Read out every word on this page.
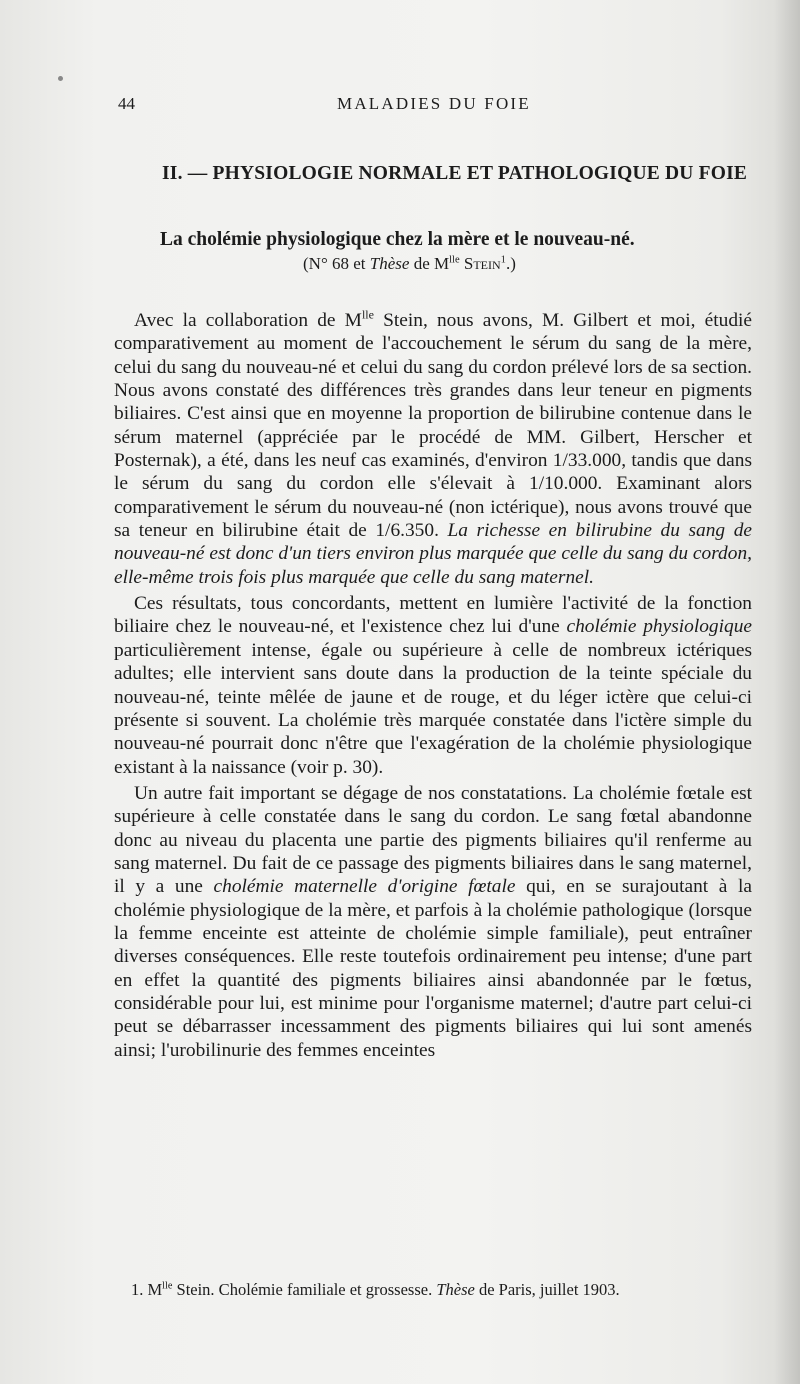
44	MALADIES DU FOIE
II. — PHYSIOLOGIE NORMALE ET PATHOLOGIQUE DU FOIE
La cholémie physiologique chez la mère et le nouveau-né.
(N° 68 et Thèse de $M^{lle}$ Stein$^1$.)

Avec la collaboration de $M^{lle}$ Stein, nous avons, M. Gilbert et moi, étudié comparativement au moment de l'accouchement le sérum du sang de la mère, celui du sang du nouveau-né et celui du sang du cordon prélevé lors de sa section. Nous avons constaté des différences très grandes dans leur teneur en pigments biliaires. C'est ainsi que en moyenne la proportion de bilirubine contenue dans le sérum maternel (appréciée par le procédé de MM. Gilbert, Herscher et Posternak), a été, dans les neuf cas examinés, d'environ 1/33.000, tandis que dans le sérum du sang du cordon elle s'élevait à 1/10.000. Examinant alors comparativement le sérum du nouveau-né (non ictérique), nous avons trouvé que sa teneur en bilirubine était de 1/6.350. La richesse en bilirubine du sang de nouveau-né est donc d'un tiers environ plus marquée que celle du sang du cordon, elle-même trois fois plus marquée que celle du sang maternel.

Ces résultats, tous concordants, mettent en lumière l'activité de la fonction biliaire chez le nouveau-né, et l'existence chez lui d'une cholémie physiologique particulièrement intense, égale ou supérieure à celle de nombreux ictériques adultes; elle intervient sans doute dans la production de la teinte spéciale du nouveau-né, teinte mêlée de jaune et de rouge, et du léger ictère que celui-ci présente si souvent. La cholémie très marquée constatée dans l'ictère simple du nouveau-né pourrait donc n'être que l'exagération de la cholémie physiologique existant à la naissance (voir p. 30).

Un autre fait important se dégage de nos constatations. La cholémie fœtale est supérieure à celle constatée dans le sang du cordon. Le sang fœtal abandonne donc au niveau du placenta une partie des pigments biliaires qu'il renferme au sang maternel. Du fait de ce passage des pigments biliaires dans le sang maternel, il y a une cholémie maternelle d'origine fœtale qui, en se surajoutant à la cholémie physiologique de la mère, et parfois à la cholémie pathologique (lorsque la femme enceinte est atteinte de cholémie simple familiale), peut entraîner diverses conséquences. Elle reste toutefois ordinairement peu intense; d'une part en effet la quantité des pigments biliaires ainsi abandonnée par le fœtus, considérable pour lui, est minime pour l'organisme maternel; d'autre part celui-ci peut se débarrasser incessamment des pigments biliaires qui lui sont amenés ainsi; l'urobilinurie des femmes enceintes

1. $M^{lle}$ Stein. Cholémie familiale et grossesse. Thèse de Paris, juillet 1903.
